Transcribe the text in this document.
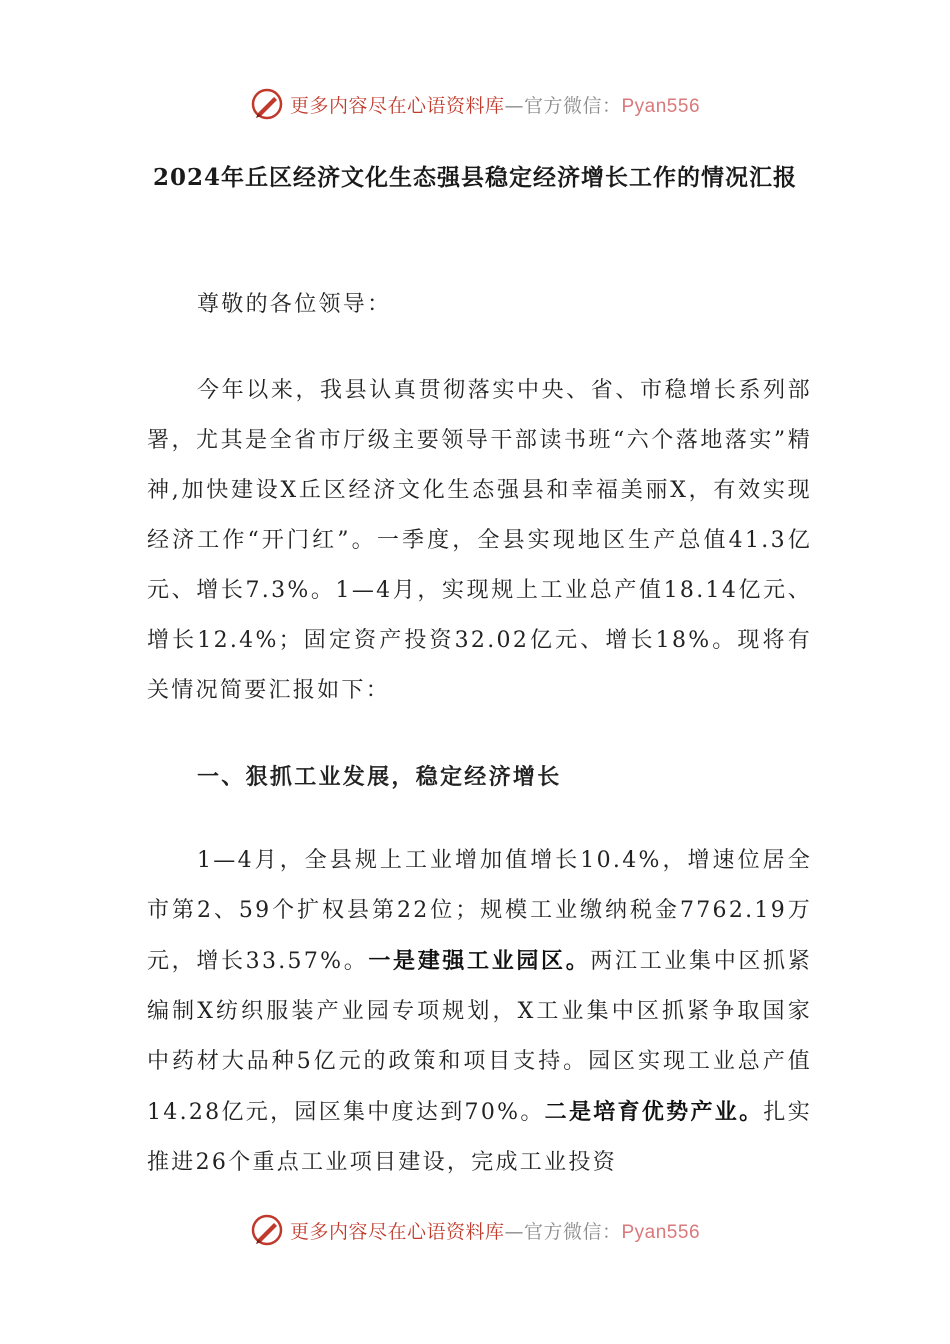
更多内容尽在心语资料库—官方微信：Pyan556
2024年丘区经济文化生态强县稳定经济增长工作的情况汇报
尊敬的各位领导：
今年以来，我县认真贯彻落实中央、省、市稳增长系列部署，尤其是全省市厅级主要领导干部读书班“六个落地落实”精神,加快建设X丘区经济文化生态强县和幸福美丽X，有效实现经济工作“开门红”。一季度，全县实现地区生产总值41.3亿元、增长7.3%。1—4月，实现规上工业总产值18.14亿元、增长12.4%；固定资产投资32.02亿元、增长18%。现将有关情况简要汇报如下：
一、狠抓工业发展，稳定经济增长
1—4月，全县规上工业增加值增长10.4%，增速位居全市第2、59个扩权县第22位；规模工业缴纳税金7762.19万元，增长33.57%。一是建强工业园区。两江工业集中区抓紧编制X纺织服装产业园专项规划，X工业集中区抓紧争取国家中药材大品种5亿元的政策和项目支持。园区实现工业总产值14.28亿元，园区集中度达到70%。二是培育优势产业。扎实推进26个重点工业项目建设，完成工业投资
更多内容尽在心语资料库—官方微信：Pyan556
